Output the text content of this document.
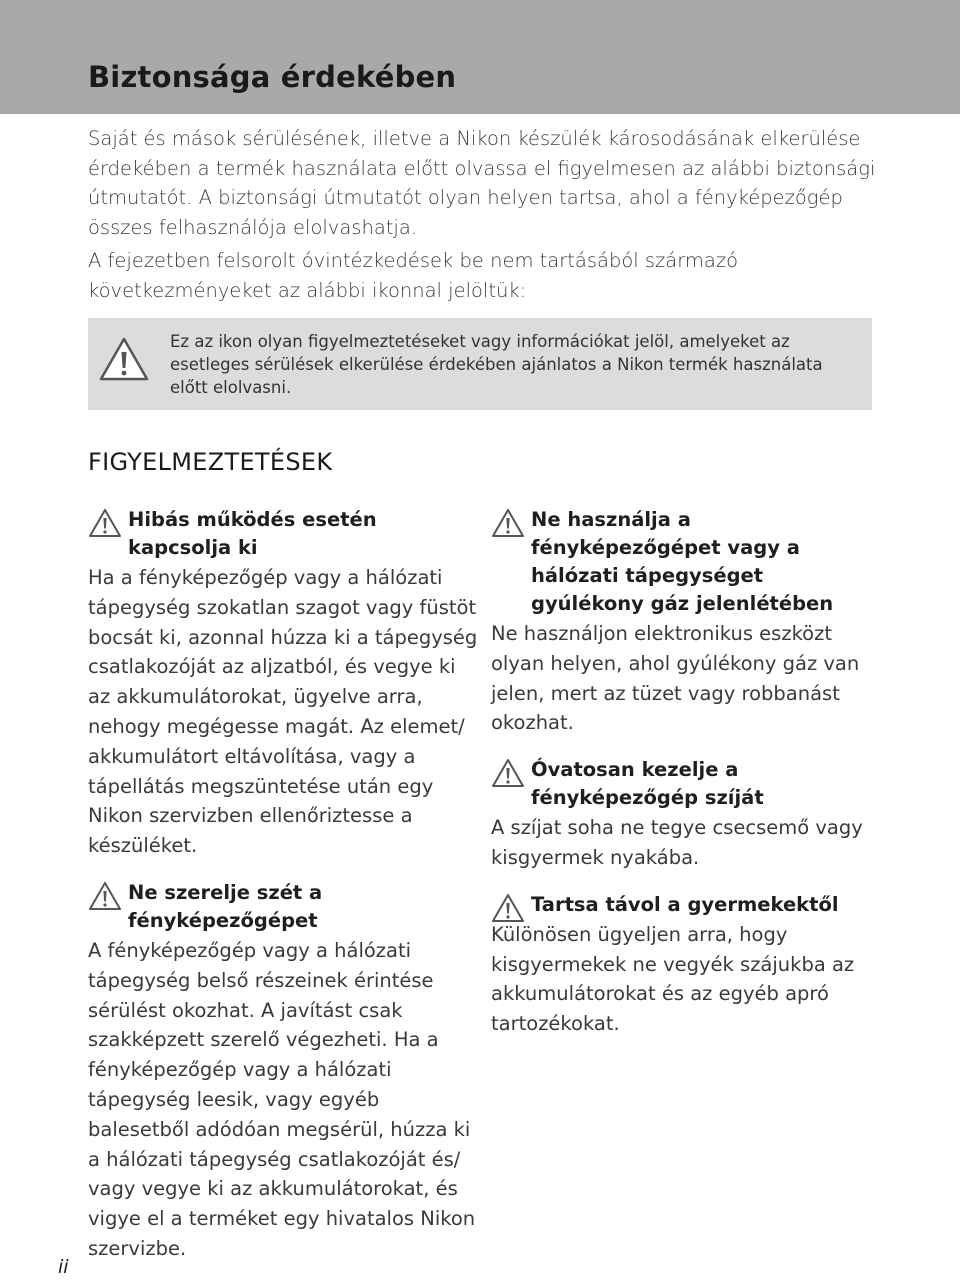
Biztonsága érdekében

Saját és mások sérülésének, illetve a Nikon készülék károsodásának elkerülése érdekében a termék használata előtt olvassa el figyelmesen az alábbi biztonsági útmutatót. A biztonsági útmutatót olyan helyen tartsa, ahol a fényképezőgép összes felhasználója elolvashatja.

A fejezetben felsorolt óvintézkedések be nem tartásából származó következményeket az alábbi ikonnal jelöltük:

Ez az ikon olyan figyelmeztetéseket vagy információkat jelöl, amelyeket az esetleges sérülések elkerülése érdekében ajánlatos a Nikon termék használata előtt elolvasni.
FIGYELMEZTETÉSEK
Hibás működés esetén kapcsolja ki
Ha a fényképezőgép vagy a hálózati tápegység szokatlan szagot vagy füstöt bocsát ki, azonnal húzza ki a tápegység csatlakozóját az aljzatból, és vegye ki az akkumulátorokat, ügyelve arra, nehogy megégesse magát. Az elemet/ akkumulátort eltávolítása, vagy a tápellátás megszüntetése után egy Nikon szervizben ellenőriztesse a készüléket.
Ne szerelje szét a fényképezőgépet
A fényképezőgép vagy a hálózati tápegység belső részeinek érintése sérülést okozhat. A javítást csak szakképzett szerelő végezheti. Ha a fényképezőgép vagy a hálózati tápegység leesik, vagy egyéb balesetből adódóan megsérül, húzza ki a hálózati tápegység csatlakozóját és/ vagy vegye ki az akkumulátorokat, és vigye el a terméket egy hivatalos Nikon szervizbe.
Ne használja a fényképezőgépet vagy a hálózati tápegységet gyúlékony gáz jelenlétében
Ne használjon elektronikus eszközt olyan helyen, ahol gyúlékony gáz van jelen, mert az tüzet vagy robbanást okozhat.
Óvatosan kezelje a fényképezőgép szíját
A szíjat soha ne tegye csecsemő vagy kisgyermek nyakába.
Tartsa távol a gyermekektől
Különösen ügyeljen arra, hogy kisgyermekek ne vegyék szájukba az akkumulátorokat és az egyéb apró tartozékokat.
ii
